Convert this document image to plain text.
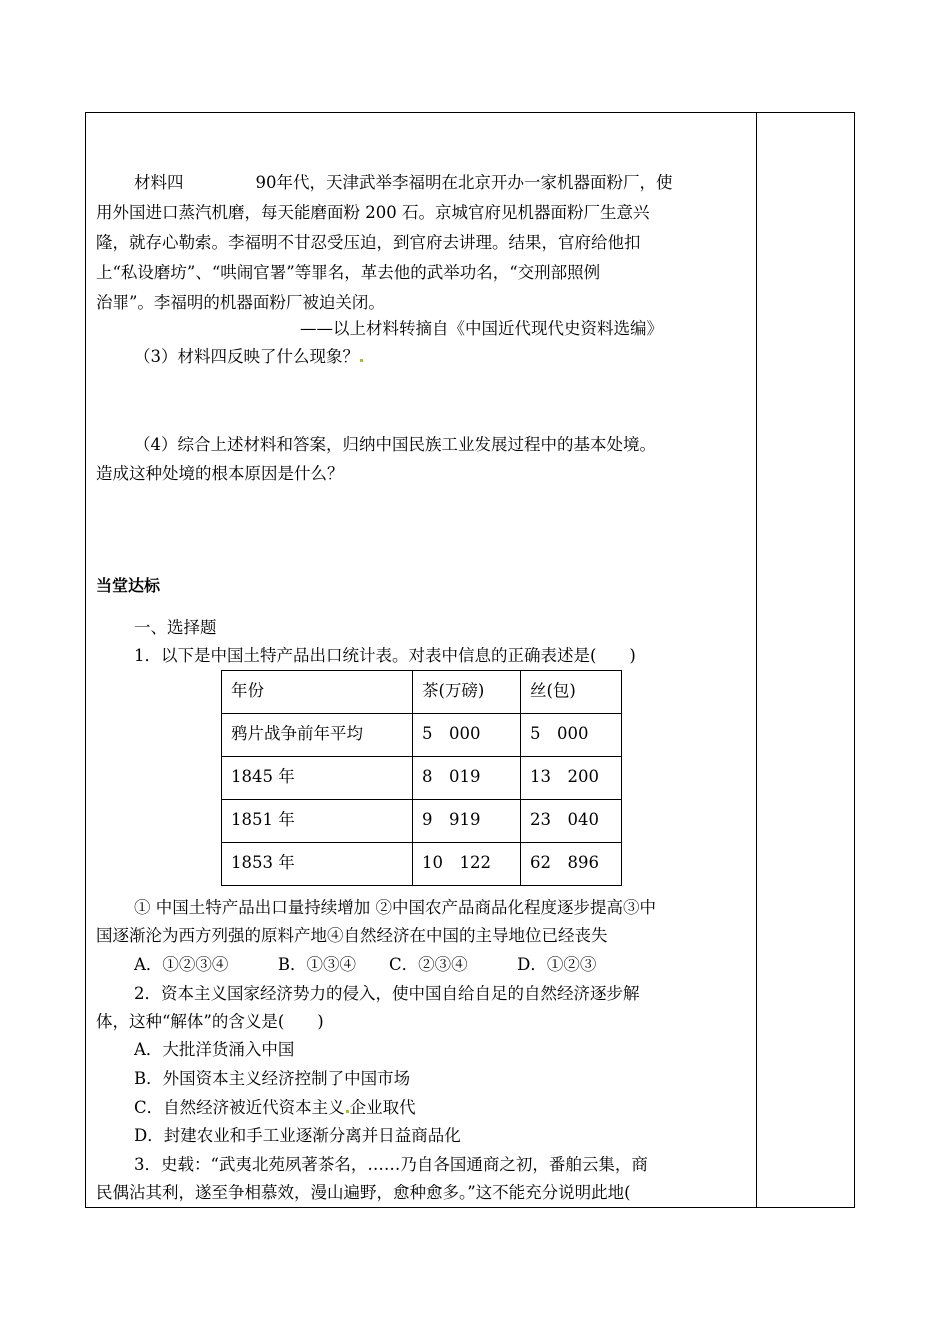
材料四	90年代，天津武举李福明在北京开办一家机器面粉厂，使
用外国进口蒸汽机磨，每天能磨面粉 200 石。京城官府见机器面粉厂生意兴
隆，就存心勒索。李福明不甘忍受压迫，到官府去讲理。结果，官府给他扣
上“私设磨坊”、“哄闹官署”等罪名，革去他的武举功名，“交刑部照例
治罪”。李福明的机器面粉厂被迫关闭。
——以上材料转摘自《中国近代现代史资料选编》
（3）材料四反映了什么现象？
（4）综合上述材料和答案，归纳中国民族工业发展过程中的基本处境。
造成这种处境的根本原因是什么？
当堂达标
一、选择题
1．以下是中国土特产品出口统计表。对表中信息的正确表述是(　　)
年份	茶(万磅)	丝(包)
鸦片战争前年平均	5　000	5　000
1845 年	8　019	13　200
1851 年	9　919	23　040
1853 年	10　122	62　896
① 中国土特产品出口量持续增加 ②中国农产品商品化程度逐步提高③中
国逐渐沦为西方列强的原料产地④自然经济在中国的主导地位已经丧失
A．①②③④　　　B．①③④　　C．②③④　　　D．①②③
2．资本主义国家经济势力的侵入，使中国自给自足的自然经济逐步解
体，这种“解体”的含义是(　　)
A．大批洋货涌入中国
B．外国资本主义经济控制了中国市场
C．自然经济被近代资本主义 企业取代
D．封建农业和手工业逐渐分离并日益商品化
3．史载：“武夷北苑夙著茶名，……乃自各国通商之初，番舶云集，商
民偶沾其利，遂至争相慕效，漫山遍野，愈种愈多。”这不能充分说明此地(
